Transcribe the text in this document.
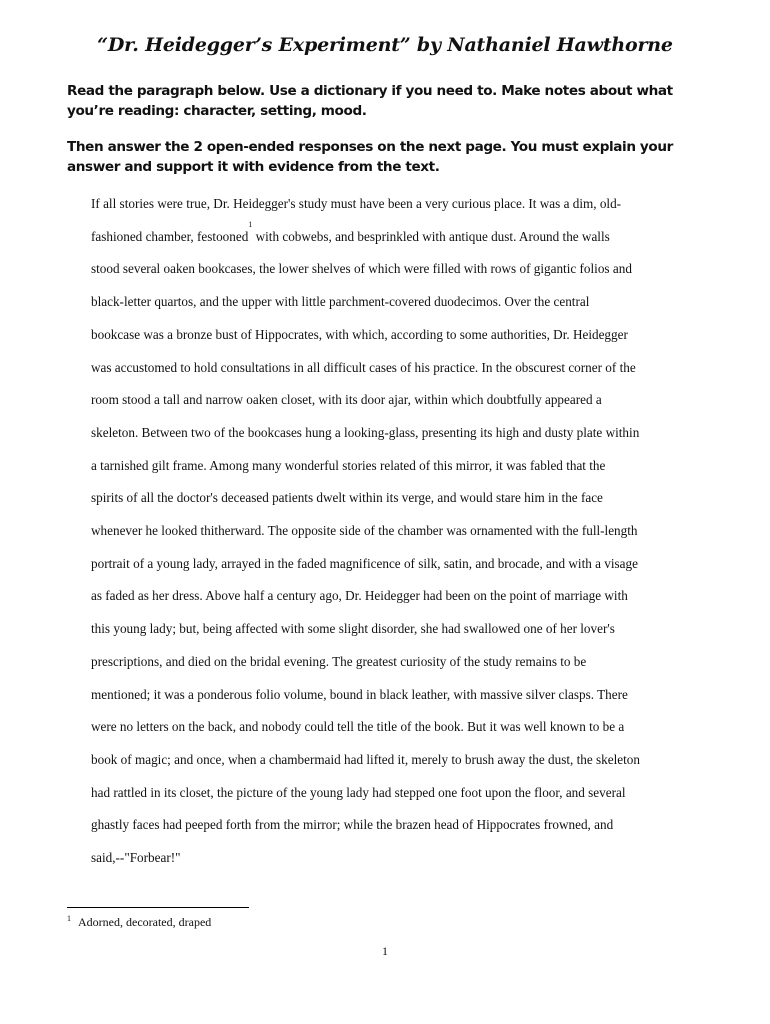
“Dr. Heidegger’s Experiment” by Nathaniel Hawthorne

Read the paragraph below. Use a dictionary if you need to. Make notes about what you’re reading: character, setting, mood.

Then answer the 2 open-ended responses on the next page. You must explain your answer and support it with evidence from the text.

If all stories were true, Dr. Heidegger's study must have been a very curious place. It was a dim, old-
fashioned chamber, festooned$^1$ with cobwebs, and besprinkled with antique dust. Around the walls
stood several oaken bookcases, the lower shelves of which were filled with rows of gigantic folios and
black-letter quartos, and the upper with little parchment-covered duodecimos. Over the central
bookcase was a bronze bust of Hippocrates, with which, according to some authorities, Dr. Heidegger
was accustomed to hold consultations in all difficult cases of his practice. In the obscurest corner of the
room stood a tall and narrow oaken closet, with its door ajar, within which doubtfully appeared a
skeleton. Between two of the bookcases hung a looking-glass, presenting its high and dusty plate within
a tarnished gilt frame. Among many wonderful stories related of this mirror, it was fabled that the
spirits of all the doctor's deceased patients dwelt within its verge, and would stare him in the face
whenever he looked thitherward. The opposite side of the chamber was ornamented with the full-length
portrait of a young lady, arrayed in the faded magnificence of silk, satin, and brocade, and with a visage
as faded as her dress. Above half a century ago, Dr. Heidegger had been on the point of marriage with
this young lady; but, being affected with some slight disorder, she had swallowed one of her lover's
prescriptions, and died on the bridal evening. The greatest curiosity of the study remains to be
mentioned; it was a ponderous folio volume, bound in black leather, with massive silver clasps. There
were no letters on the back, and nobody could tell the title of the book. But it was well known to be a
book of magic; and once, when a chambermaid had lifted it, merely to brush away the dust, the skeleton
had rattled in its closet, the picture of the young lady had stepped one foot upon the floor, and several
ghastly faces had peeped forth from the mirror; while the brazen head of Hippocrates frowned, and
said,--"Forbear!"

$^1$ Adorned, decorated, draped

1
